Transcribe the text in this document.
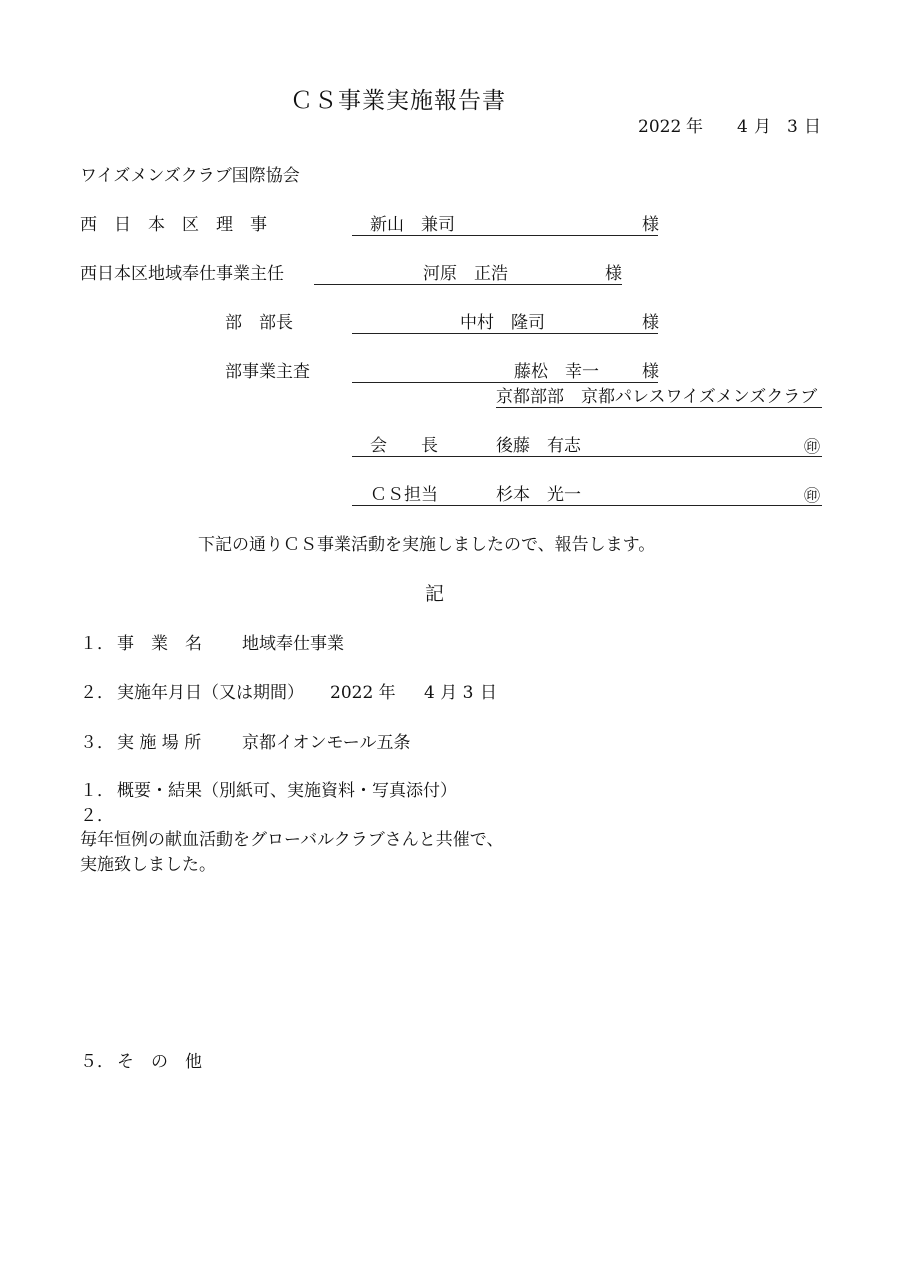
ＣＳ事業実施報告書
2022 年 4 月 3 日
ワイズメンズクラブ国際協会
西　日　本　区　理　事	新山　兼司	様
西日本区地域奉仕事業主任	河原　正浩	様
部　部長	中村　隆司	様
部事業主査	藤松　幸一	様
京都部部　京都パレスワイズメンズクラブ
会　　長	後藤　有志	㊞
ＣＳ担当	杉本　光一	㊞
下記の通りＣＳ事業活動を実施しましたので、報告します。
記
１． 事　業　名 地域奉仕事業
２． 実施年月日（又は期間） 2022 年 4 月 3 日
３． 実 施 場 所 京都イオンモール五条
１． 概要・結果（別紙可、実施資料・写真添付）
２．
毎年恒例の献血活動をグローバルクラブさんと共催で、
実施致しました。
５． そ　の　他
